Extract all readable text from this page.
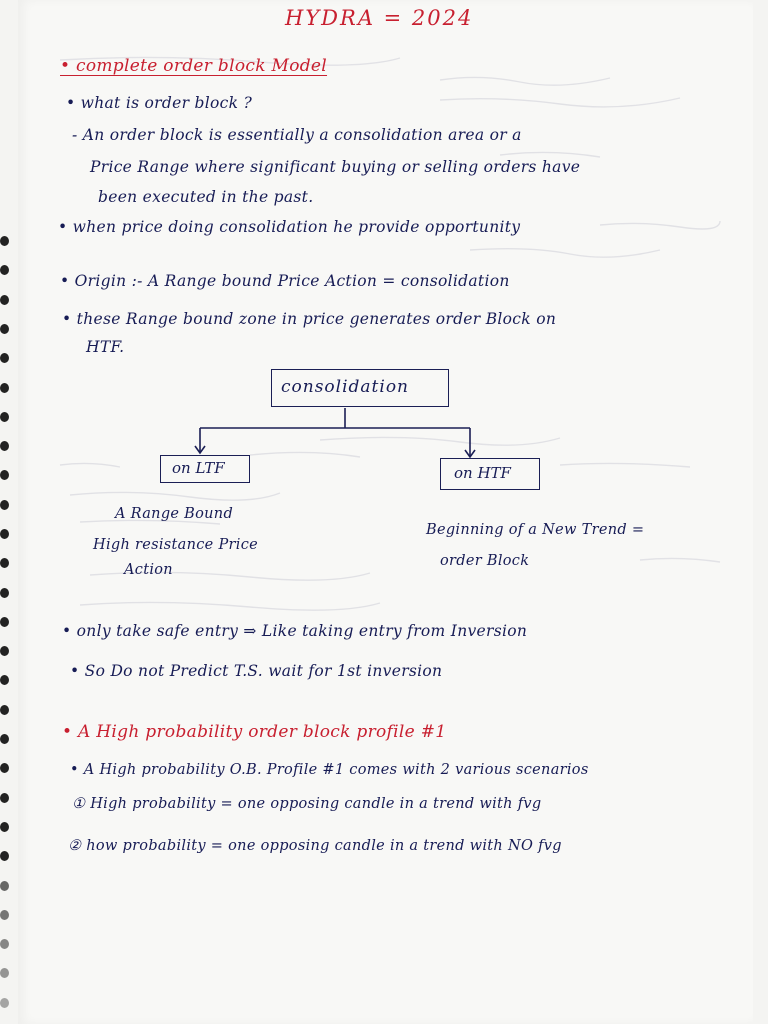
HYDRA = 2024
• complete order block Model
• what is order block ?
- An order block is essentially a consolidation area or a
Price Range where significant buying or selling orders have
been executed in the past.
• when price doing consolidation he provide opportunity
• Origin :- A Range bound Price Action = consolidation
• these Range bound zone in price generates order Block on
HTF.
consolidation
on LTF	on HTF
A Range Bound
High resistance Price
Action
Beginning of a New Trend =
order Block
• only take safe entry ⇒ Like taking entry from Inversion
• So Do not Predict T.S. wait for 1st inversion
• A High probability order block profile #1
• A High probability O.B. Profile #1 comes with 2 various scenarios
① High probability = one opposing candle in a trend with fvg
② how probability = one opposing candle in a trend with NO fvg
